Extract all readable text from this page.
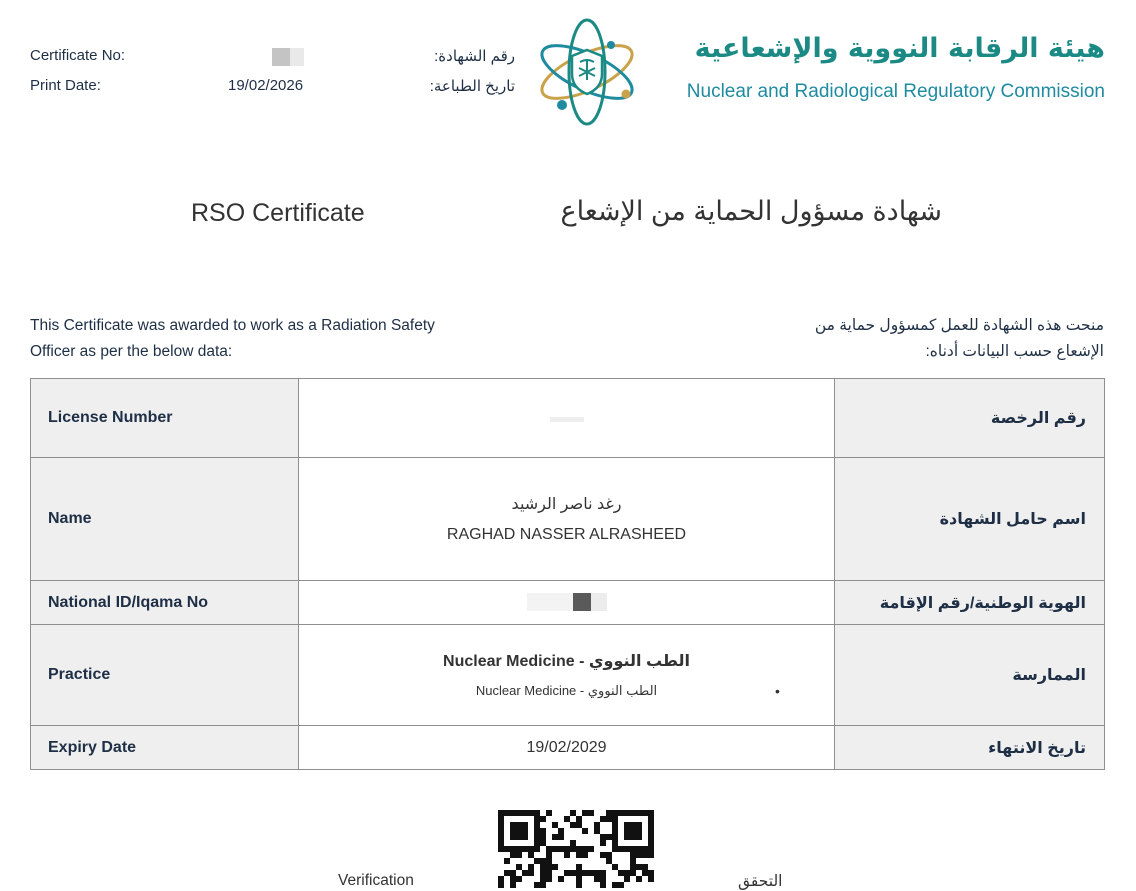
Certificate No:	رقم الشهادة:
Print Date:	19/02/2026	تاريخ الطباعة:
هيئة الرقابة النووية والإشعاعية
Nuclear and Radiological Regulatory Commission
RSO Certificate	شهادة مسؤول الحماية من الإشعاع
This Certificate was awarded to work as a Radiation Safety
Officer as per the below data:
منحت هذه الشهادة للعمل كمسؤول حماية من
الإشعاع حسب البيانات أدناه:
License Number		رقم الرخصة
Name	رغد ناصر الرشيد
RAGHAD NASSER ALRASHEED	اسم حامل الشهادة
National ID/Iqama No		الهوية الوطنية/رقم الإقامة
Practice	Nuclear Medicine - الطب النووي
Nuclear Medicine - الطب النووي •	الممارسة
Expiry Date	19/02/2029	تاريخ الانتهاء
Verification	التحقق
